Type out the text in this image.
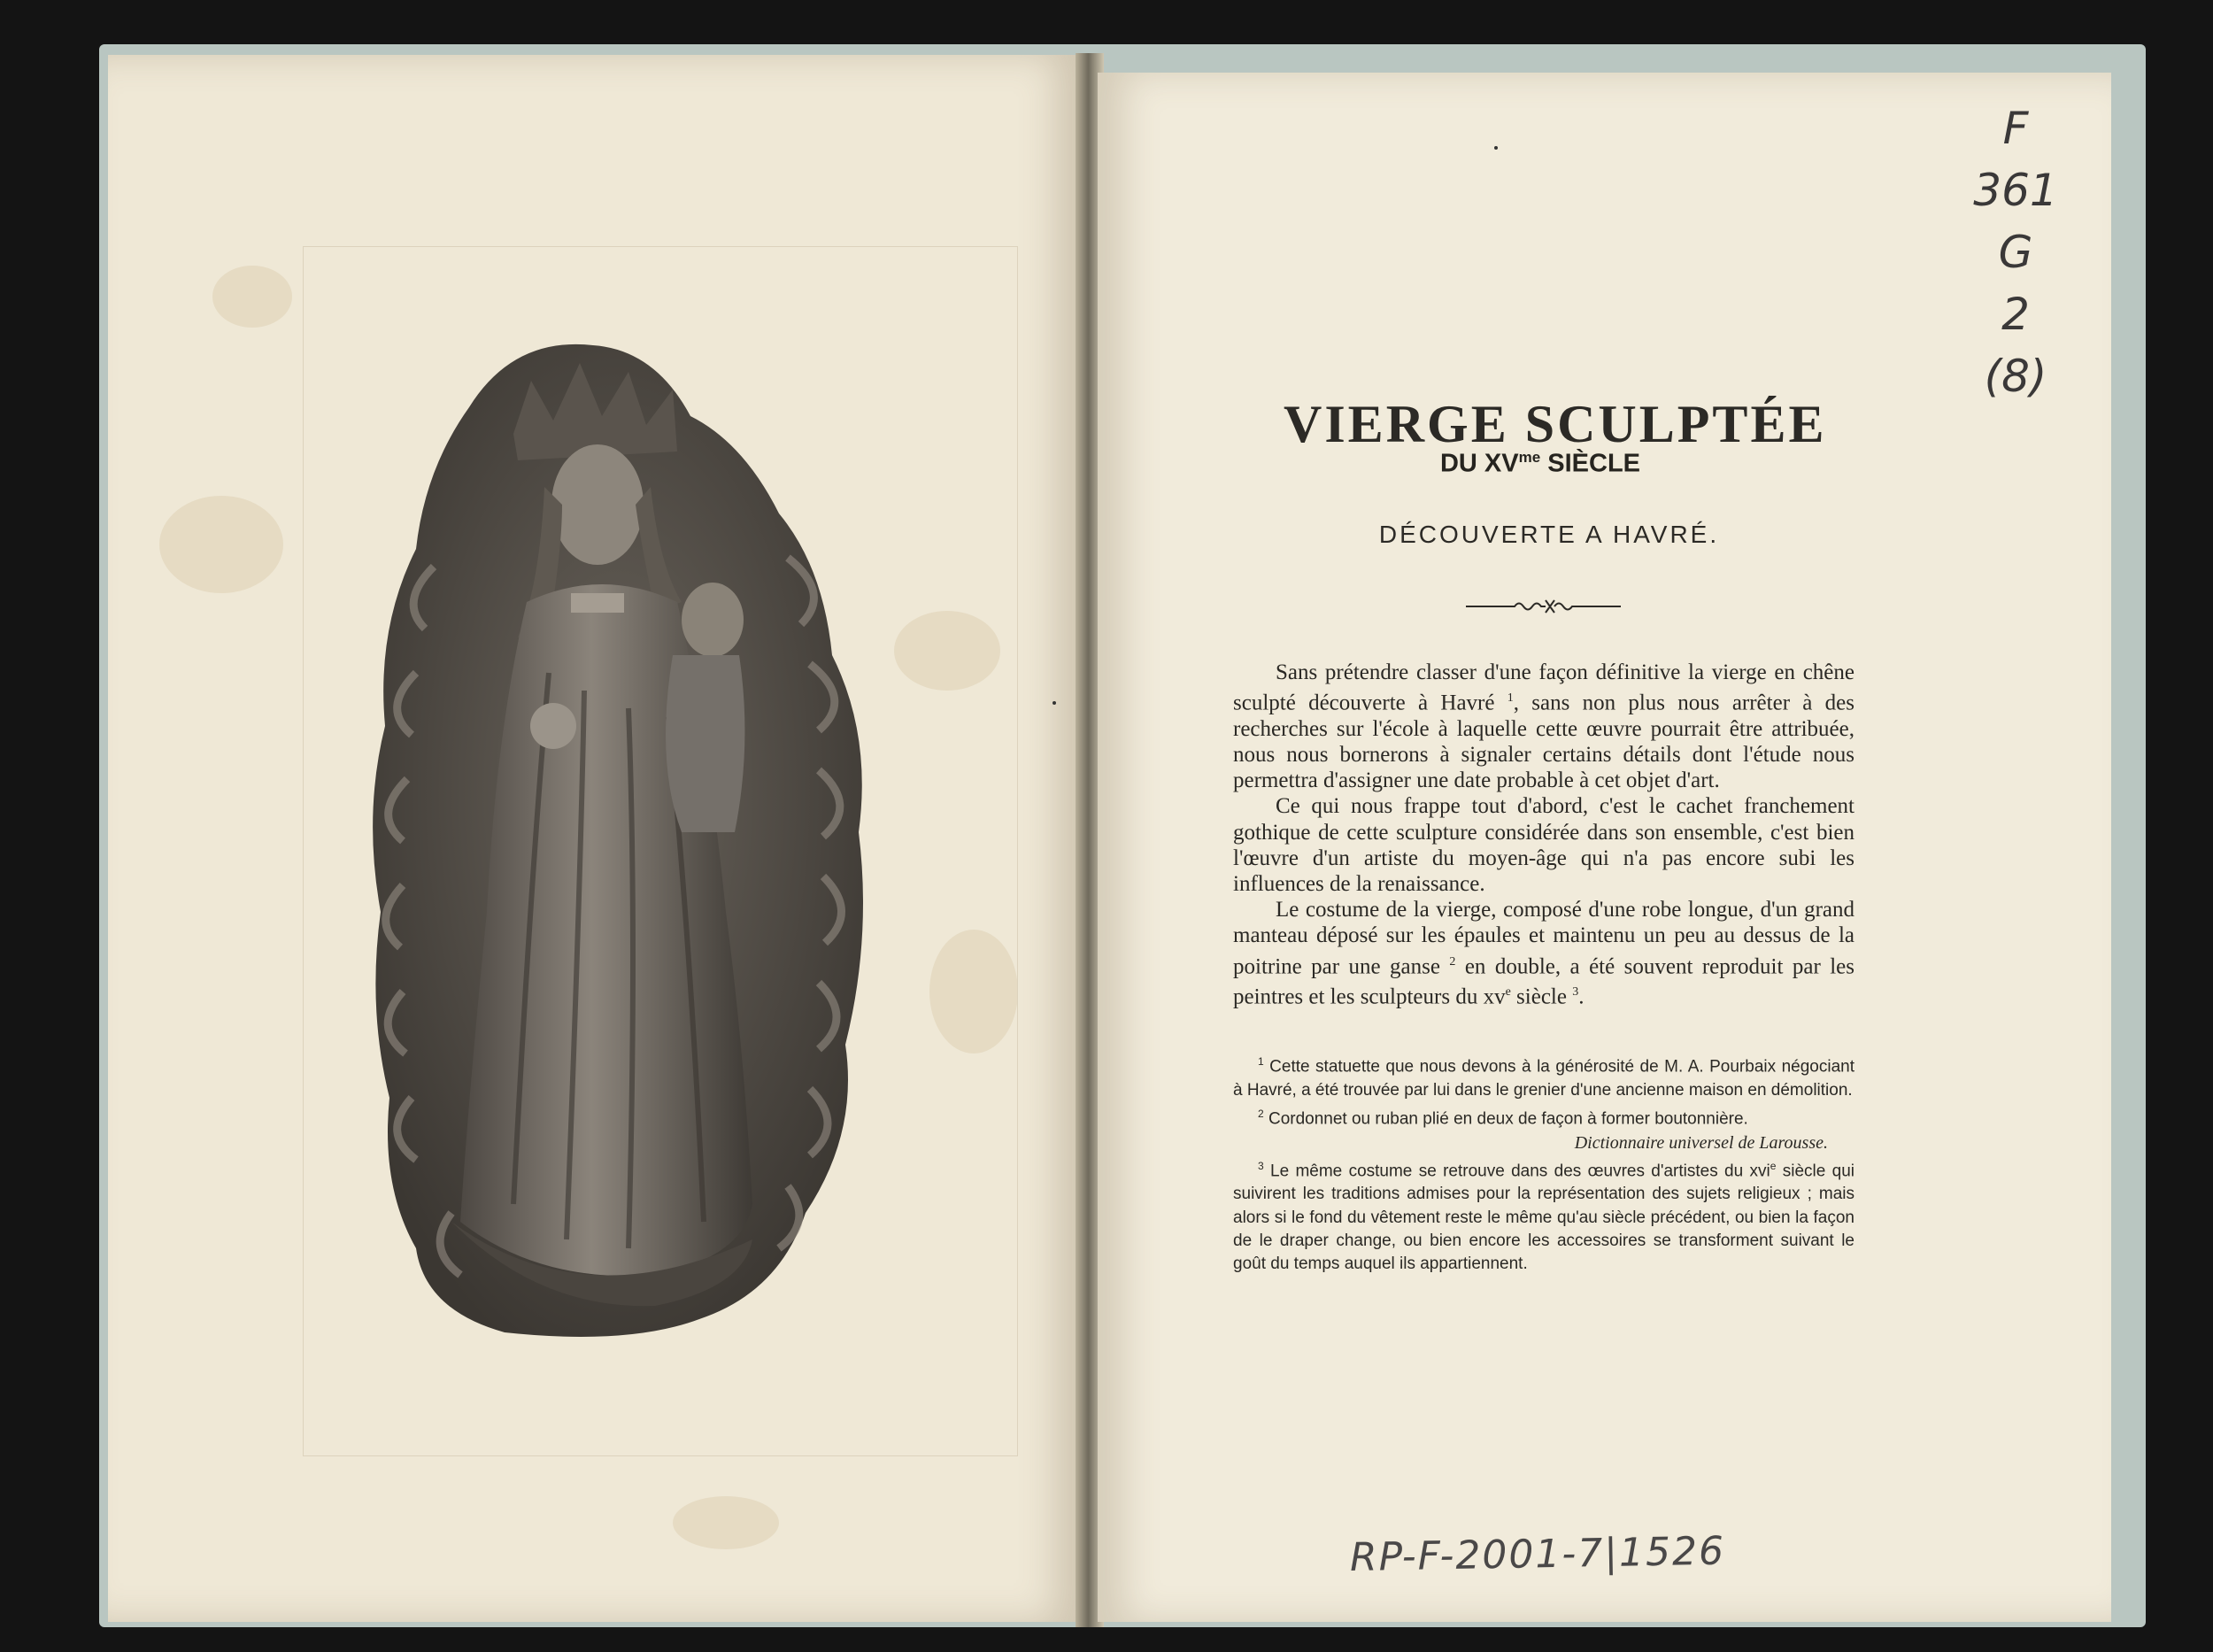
VIERGE SCULPTÉE
DU $XV^{me}$ SIÈCLE
DÉCOUVERTE A HAVRÉ.

Sans prétendre classer d'une façon définitive la vierge en chêne sculpté découverte à Havré $^1$, sans non plus nous arrêter à des recherches sur l'école à laquelle cette œuvre pourrait être attribuée, nous nous bornerons à signaler certains détails dont l'étude nous permettra d'assigner une date probable à cet objet d'art.

Ce qui nous frappe tout d'abord, c'est le cachet franchement gothique de cette sculpture considérée dans son ensemble, c'est bien l'œuvre d'un artiste du moyen-âge qui n'a pas encore subi les influences de la renaissance.

Le costume de la vierge, composé d'une robe longue, d'un grand manteau déposé sur les épaules et maintenu un peu au dessus de la poitrine par une ganse $^2$ en double, a été souvent reproduit par les peintres et les sculpteurs du $xv^e$ siècle $^3$.

$^1$ Cette statuette que nous devons à la générosité de M. A. Pourbaix négociant à Havré, a été trouvée par lui dans le grenier d'une ancienne maison en démolition.

$^2$ Cordonnet ou ruban plié en deux de façon à former boutonnière.

Dictionnaire universel de Larousse.

$^3$ Le même costume se retrouve dans des œuvres d'artistes du xvi$^e$ siècle qui suivirent les traditions admises pour la représentation des sujets religieux ; mais alors si le fond du vêtement reste le même qu'au siècle précédent, ou bien la façon de le draper change, ou bien encore les accessoires se transforment suivant le goût du temps auquel ils appartiennent.

F
361
G
2
(8)
RP-F-2001-7|1526
